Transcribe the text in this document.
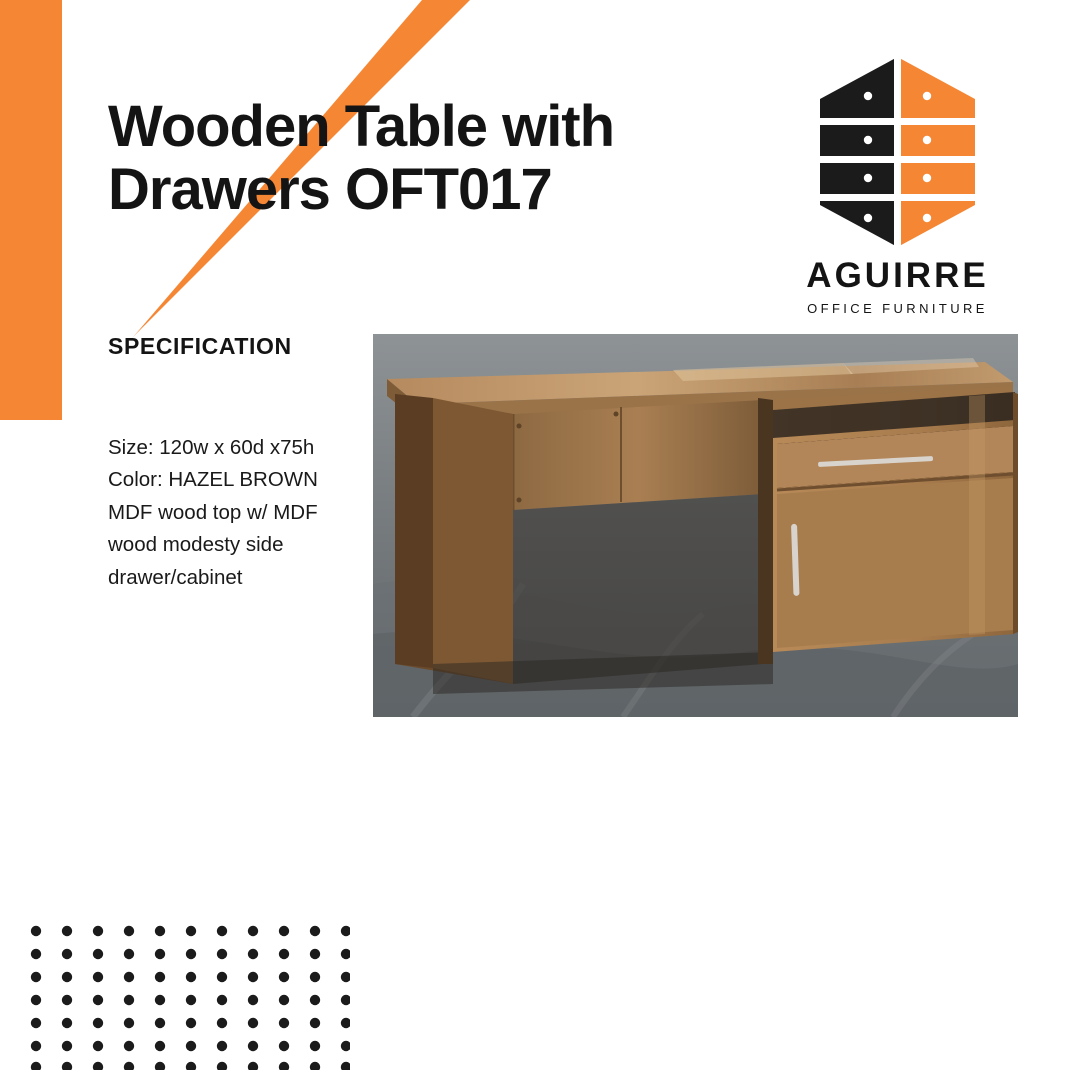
Wooden Table with Drawers OFT017
AGUIRRE
OFFICE FURNITURE
SPECIFICATION
Size: 120w x 60d x75h
Color: HAZEL BROWN
MDF wood top w/ MDF
wood modesty side
drawer/cabinet
